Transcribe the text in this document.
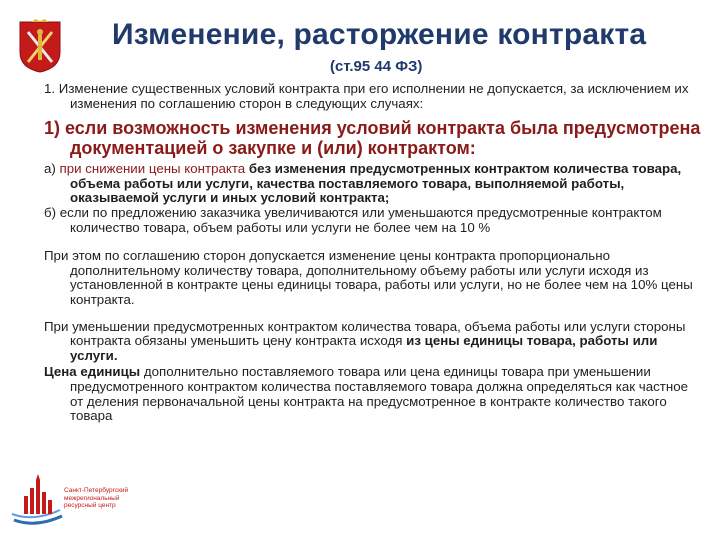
Изменение, расторжение контракта
(ст.95 44 ФЗ)

1. Изменение существенных условий контракта при его исполнении не допускается, за исключением их изменения по соглашению сторон в следующих случаях:

1) если возможность изменения условий контракта была предусмотрена документацией о закупке и (или) контрактом:

а) при снижении цены контракта без изменения предусмотренных контрактом количества товара, объема работы или услуги, качества поставляемого товара, выполняемой работы, оказываемой услуги и иных условий контракта;

б) если по предложению заказчика увеличиваются или уменьшаются предусмотренные контрактом количество товара, объем работы или услуги не более чем на 10 %

При этом по соглашению сторон допускается изменение цены контракта пропорционально дополнительному количеству товара, дополнительному объему работы или услуги исходя из установленной в контракте цены единицы товара, работы или услуги, но не более чем на 10% цены контракта.

При уменьшении предусмотренных контрактом количества товара, объема работы или услуги стороны контракта обязаны уменьшить цену контракта исходя из цены единицы товара, работы или услуги.

Цена единицы дополнительно поставляемого товара или цена единицы товара при уменьшении предусмотренного контрактом количества поставляемого товара должна определяться как частное от деления первоначальной цены контракта на предусмотренное в контракте количество такого товара

Санкт-Петербургский
межрегиональный
ресурсный центр
